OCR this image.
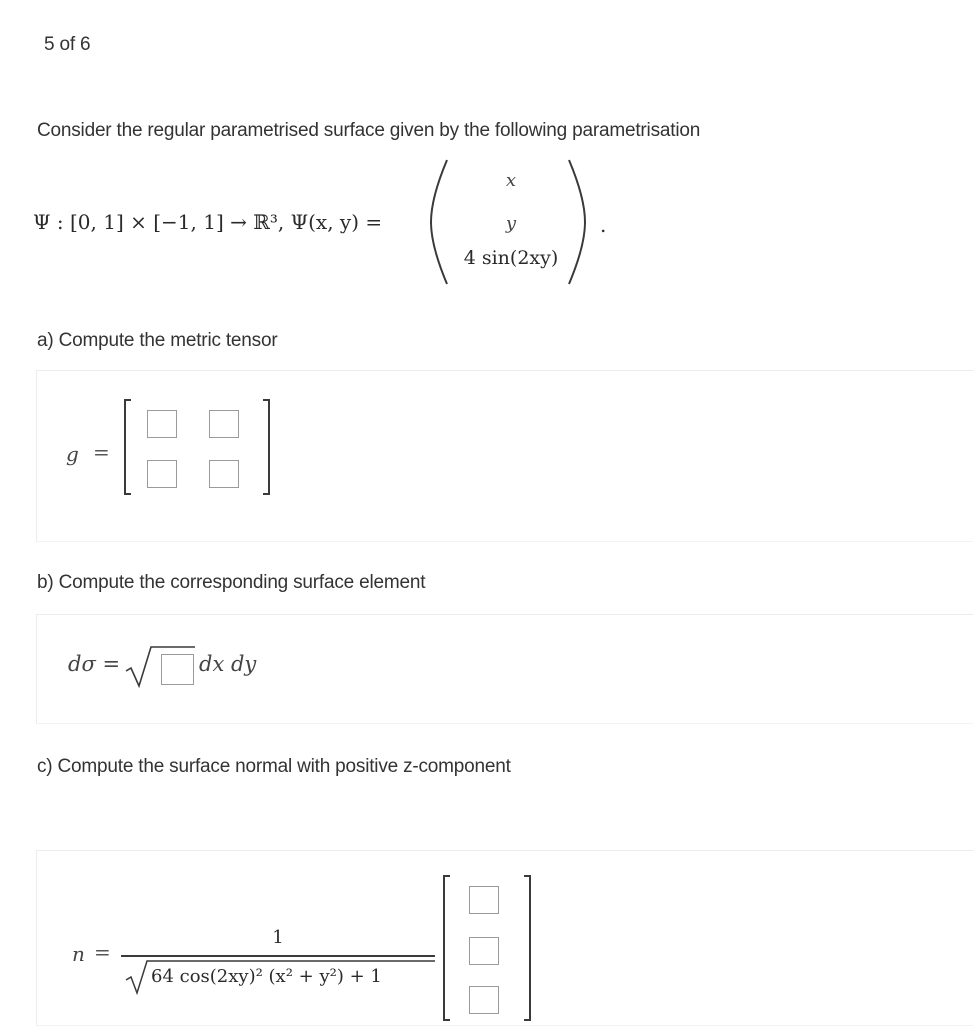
5 of 6
Consider the regular parametrised surface given by the following parametrisation
Ψ : [0, 1] × [−1, 1] → ℝ³, Ψ(x, y) =
x
y
4 sin(2xy)
.
a) Compute the metric tensor
g =
b) Compute the corresponding surface element
dσ =	dx dy
c) Compute the surface normal with positive z-component
n =
1
64 cos(2xy)² (x² + y²) + 1
